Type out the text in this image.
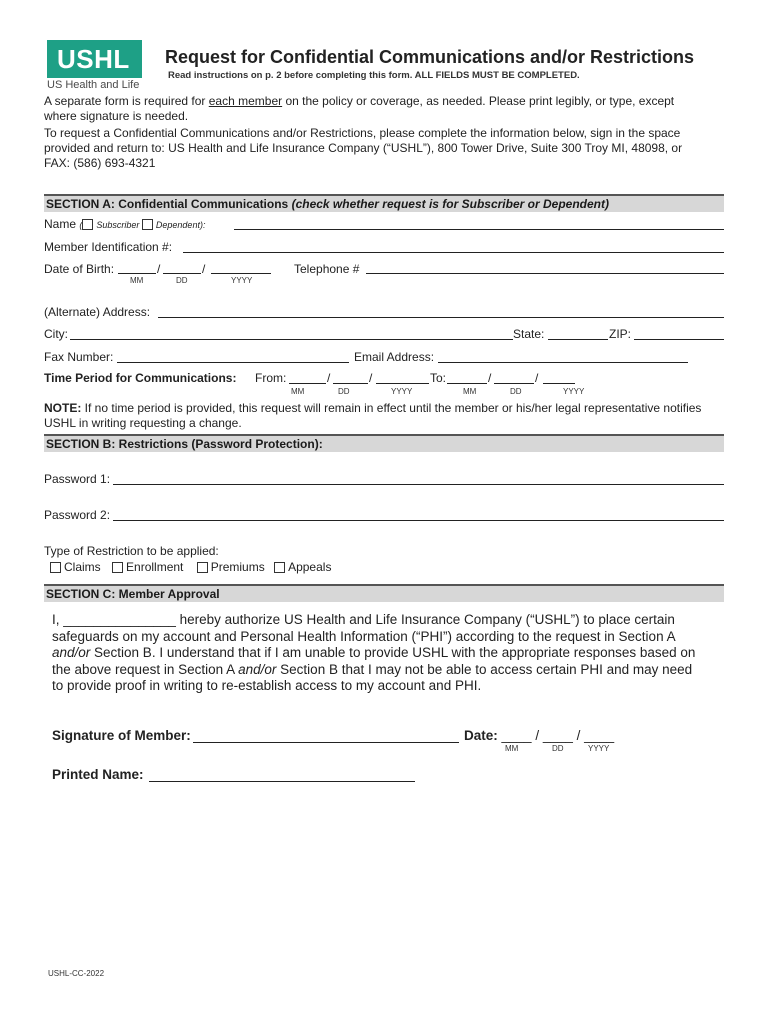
USHL
US Health and Life
Request for Confidential Communications and/or Restrictions
Read instructions on p. 2 before completing this form. ALL FIELDS MUST BE COMPLETED.
A separate form is required for each member on the policy or coverage, as needed. Please print legibly, or type, except
where signature is needed.
To request a Confidential Communications and/or Restrictions, please complete the information below, sign in the space
provided and return to: US Health and Life Insurance Company (“USHL”), 800 Tower Drive, Suite 300 Troy MI, 48098, or
FAX: (586) 693-4321
SECTION A: Confidential Communications (check whether request is for Subscriber or Dependent)
Name ( Subscriber Dependent):
Member Identification #:
Date of Birth:	/	/
MM	DD	YYYY
Telephone #
(Alternate) Address:
City:	State:	ZIP:
Fax Number:	Email Address:
Time Period for Communications: From:	/	/	To:	/	/
MM	DD	YYYY	MM	DD	YYYY
NOTE: If no time period is provided, this request will remain in effect until the member or his/her legal representative notifies
USHL in writing requesting a change.
SECTION B: Restrictions (Password Protection):
Password 1:
Password 2:
Type of Restriction to be applied:
Claims Enrollment Premiums Appeals
SECTION C: Member Approval
I, _______________ hereby authorize US Health and Life Insurance Company (“USHL”) to place certain
safeguards on my account and Personal Health Information (“PHI”) according to the request in Section A
and/or Section B. I understand that if I am unable to provide USHL with the appropriate responses based on
the above request in Section A and/or Section B that I may not be able to access certain PHI and may need
to provide proof in writing to re-establish access to my account and PHI.
Signature of Member:	Date: ____ / ____ / ____
MM	DD	YYYY
Printed Name:
USHL-CC-2022
